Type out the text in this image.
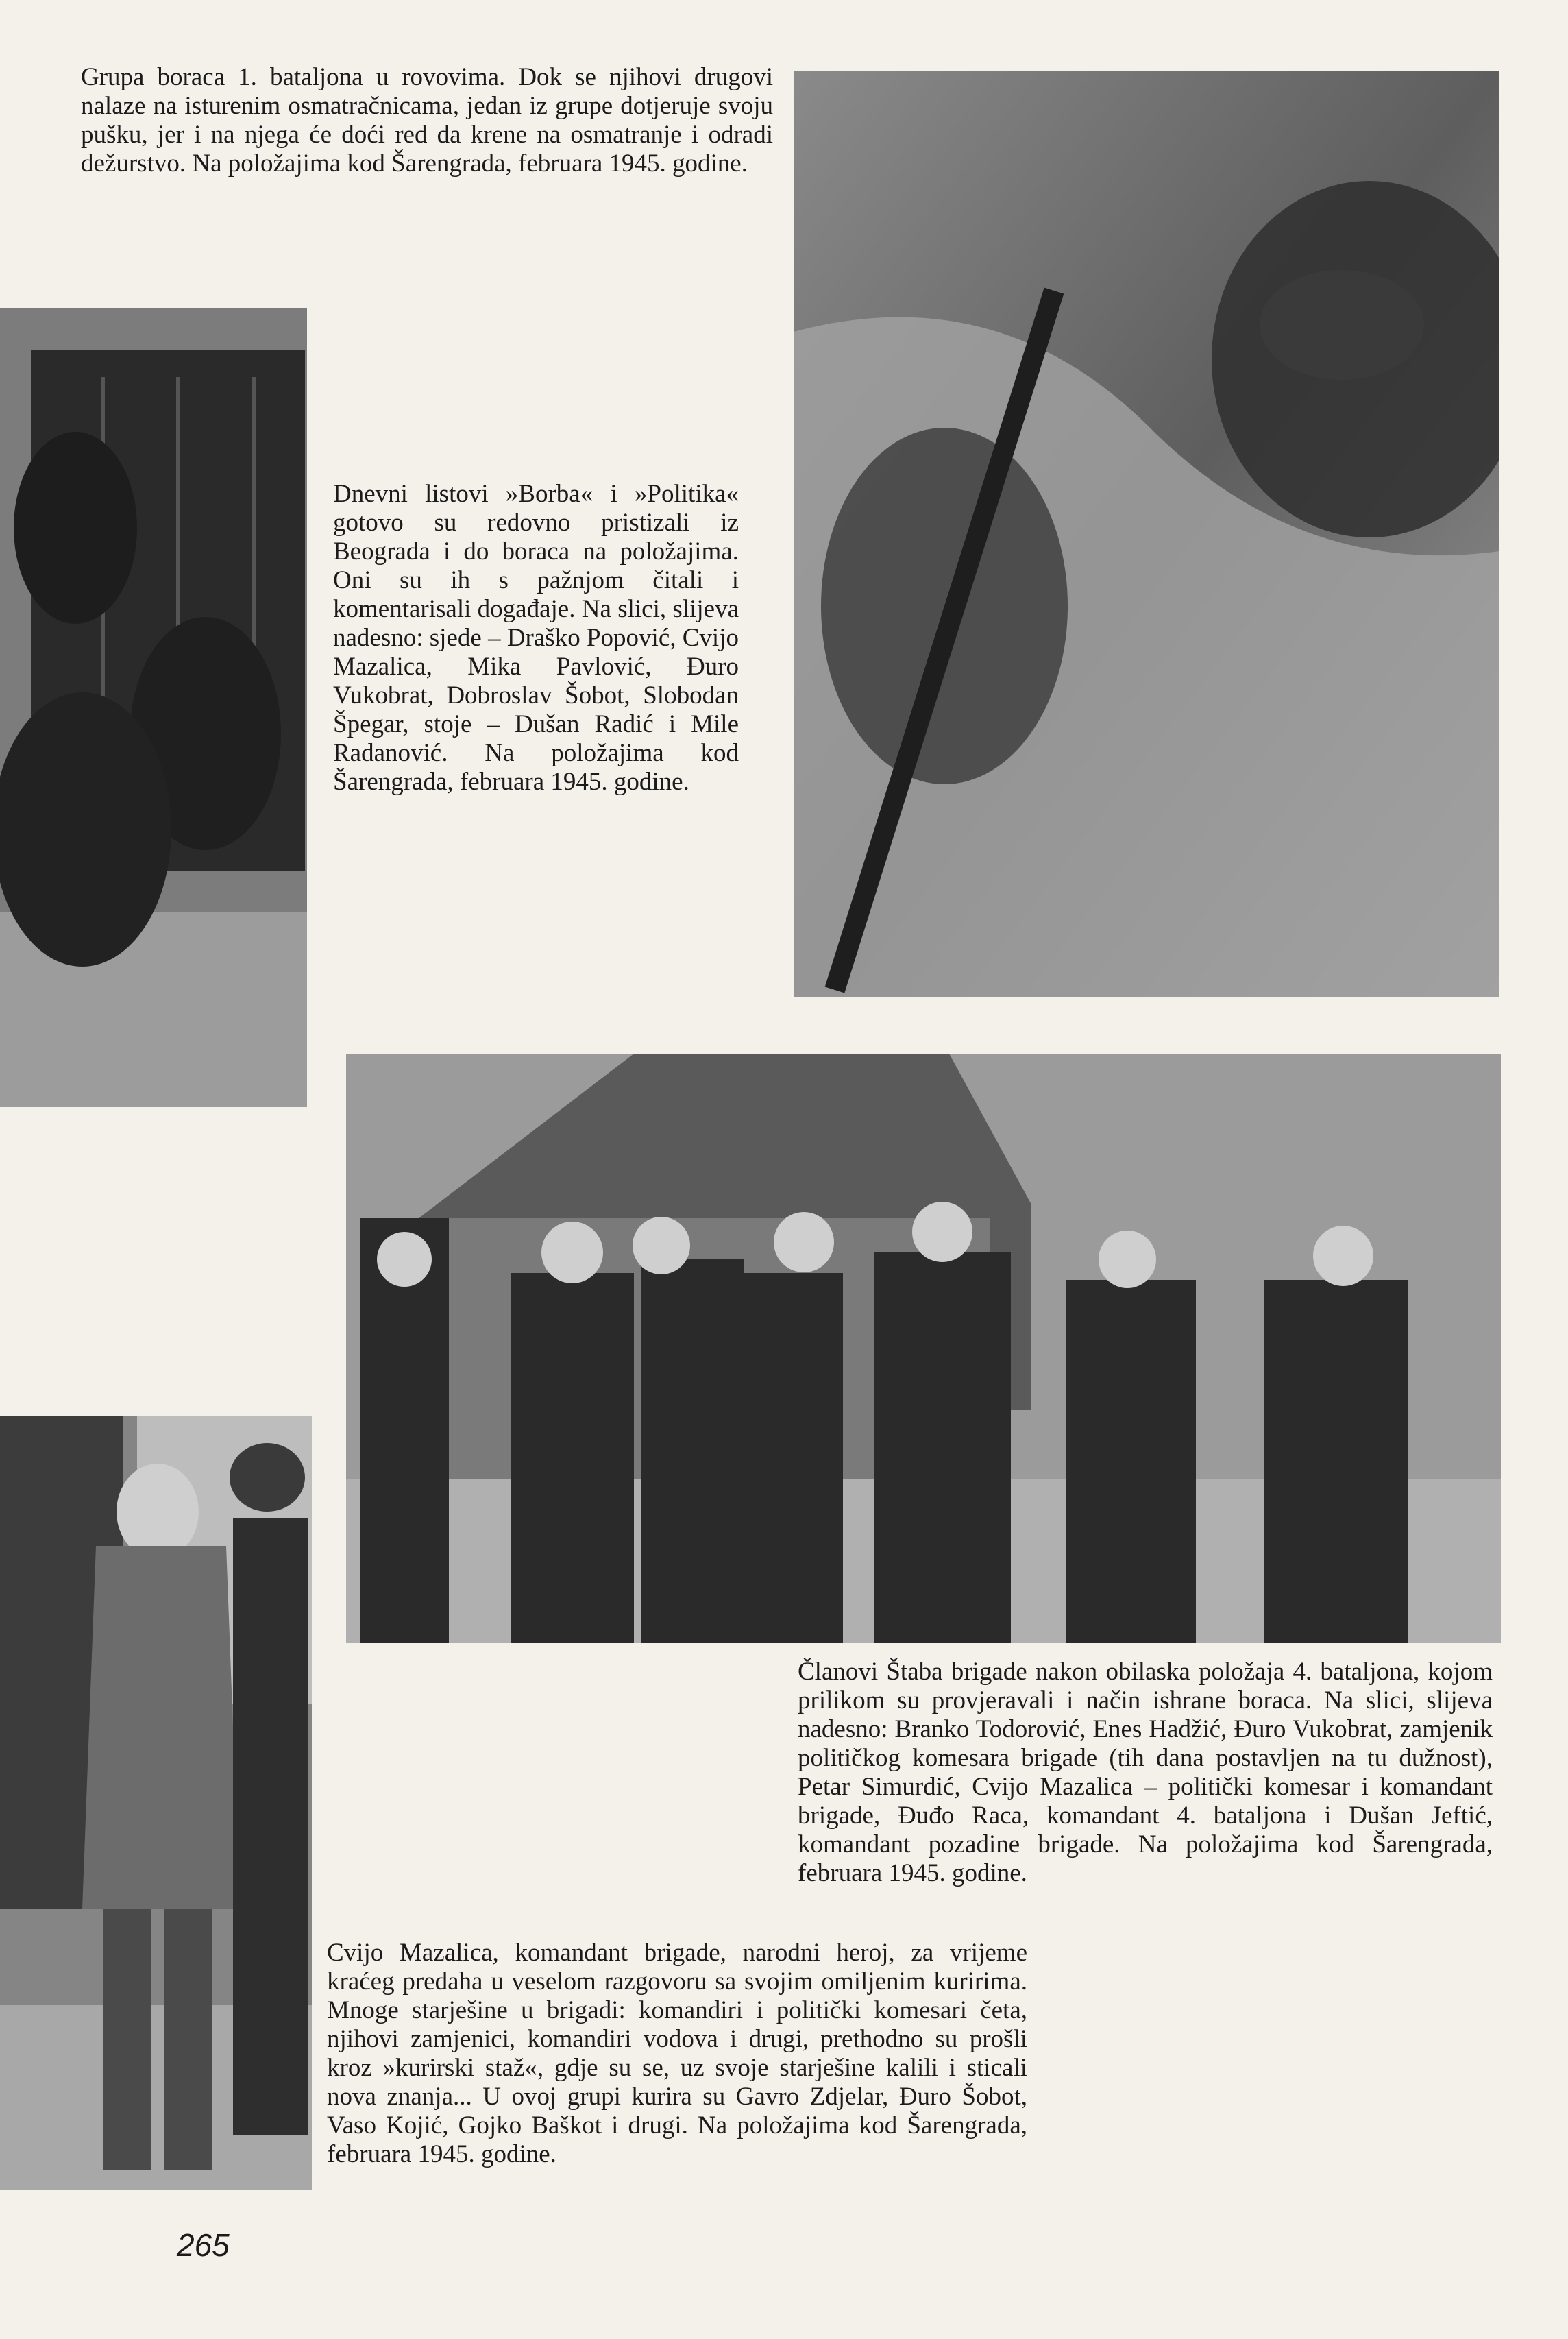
Grupa boraca 1. bataljona u rovovima. Dok se njihovi drugovi nalaze na isturenim osmatračnicama, jedan iz grupe dotjeruje svoju pušku, jer i na njega će doći red da krene na osmatranje i odradi dežurstvo. Na položajima kod Šarengrada, februara 1945. godine.

Dnevni listovi »Borba« i »Politika« gotovo su redovno pristizali iz Beograda i do boraca na položajima. Oni su ih s pažnjom čitali i komentarisali događaje. Na slici, slijeva nadesno: sjede – Draško Popović, Cvijo Mazalica, Mika Pavlović, Đuro Vukobrat, Dobroslav Šobot, Slobodan Špegar, stoje – Dušan Radić i Mile Radanović. Na položajima kod Šarengrada, februara 1945. godine.

Članovi Štaba brigade nakon obilaska položaja 4. bataljona, kojom prilikom su provjeravali i način ishrane boraca. Na slici, slijeva nadesno: Branko Todorović, Enes Hadžić, Đuro Vukobrat, zamjenik političkog komesara brigade (tih dana postavljen na tu dužnost), Petar Simurdić, Cvijo Mazalica – politički komesar i komandant brigade, Đuđo Raca, komandant 4. bataljona i Dušan Jeftić, komandant pozadine brigade. Na položajima kod Šarengrada, februara 1945. godine.

Cvijo Mazalica, komandant brigade, narodni heroj, za vrijeme kraćeg predaha u veselom razgovoru sa svojim omiljenim kuririma. Mnoge starješine u brigadi: komandiri i politički komesari četa, njihovi zamjenici, komandiri vodova i drugi, prethodno su prošli kroz »kurirski staž«, gdje su se, uz svoje starješine kalili i sticali nova znanja... U ovoj grupi kurira su Gavro Zdjelar, Đuro Šobot, Vaso Kojić, Gojko Baškot i drugi. Na položajima kod Šarengrada, februara 1945. godine.

265
